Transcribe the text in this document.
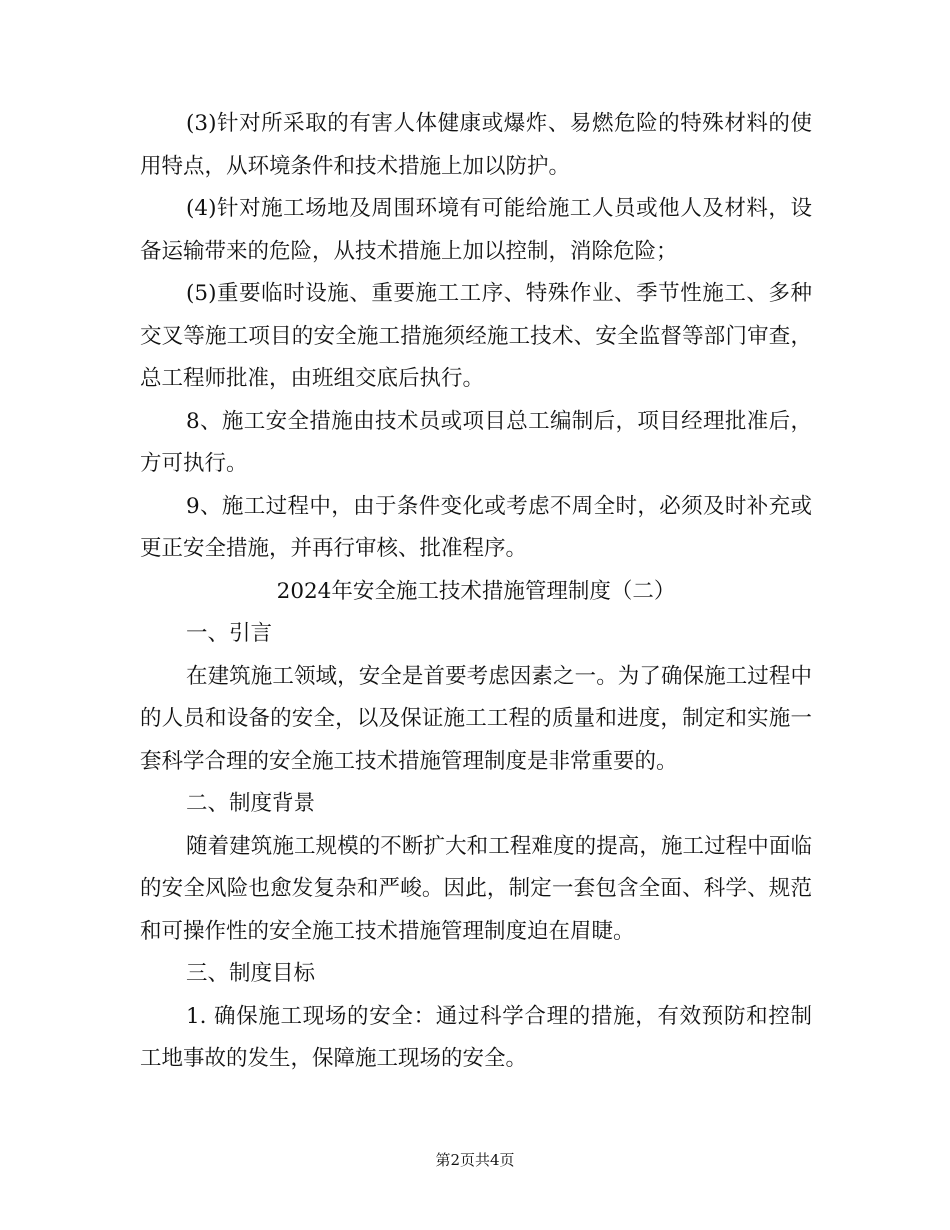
(3)针对所采取的有害人体健康或爆炸、易燃危险的特殊材料的使用特点，从环境条件和技术措施上加以防护。

(4)针对施工场地及周围环境有可能给施工人员或他人及材料，设备运输带来的危险，从技术措施上加以控制，消除危险；

(5)重要临时设施、重要施工工序、特殊作业、季节性施工、多种交叉等施工项目的安全施工措施须经施工技术、安全监督等部门审查，总工程师批准，由班组交底后执行。

8、施工安全措施由技术员或项目总工编制后，项目经理批准后，方可执行。

9、施工过程中，由于条件变化或考虑不周全时，必须及时补充或更正安全措施，并再行审核、批准程序。

2024年安全施工技术措施管理制度（二）

一、引言

在建筑施工领域，安全是首要考虑因素之一。为了确保施工过程中的人员和设备的安全，以及保证施工工程的质量和进度，制定和实施一套科学合理的安全施工技术措施管理制度是非常重要的。

二、制度背景

随着建筑施工规模的不断扩大和工程难度的提高，施工过程中面临的安全风险也愈发复杂和严峻。因此，制定一套包含全面、科学、规范和可操作性的安全施工技术措施管理制度迫在眉睫。

三、制度目标

1. 确保施工现场的安全：通过科学合理的措施，有效预防和控制工地事故的发生，保障施工现场的安全。

第2页共4页
